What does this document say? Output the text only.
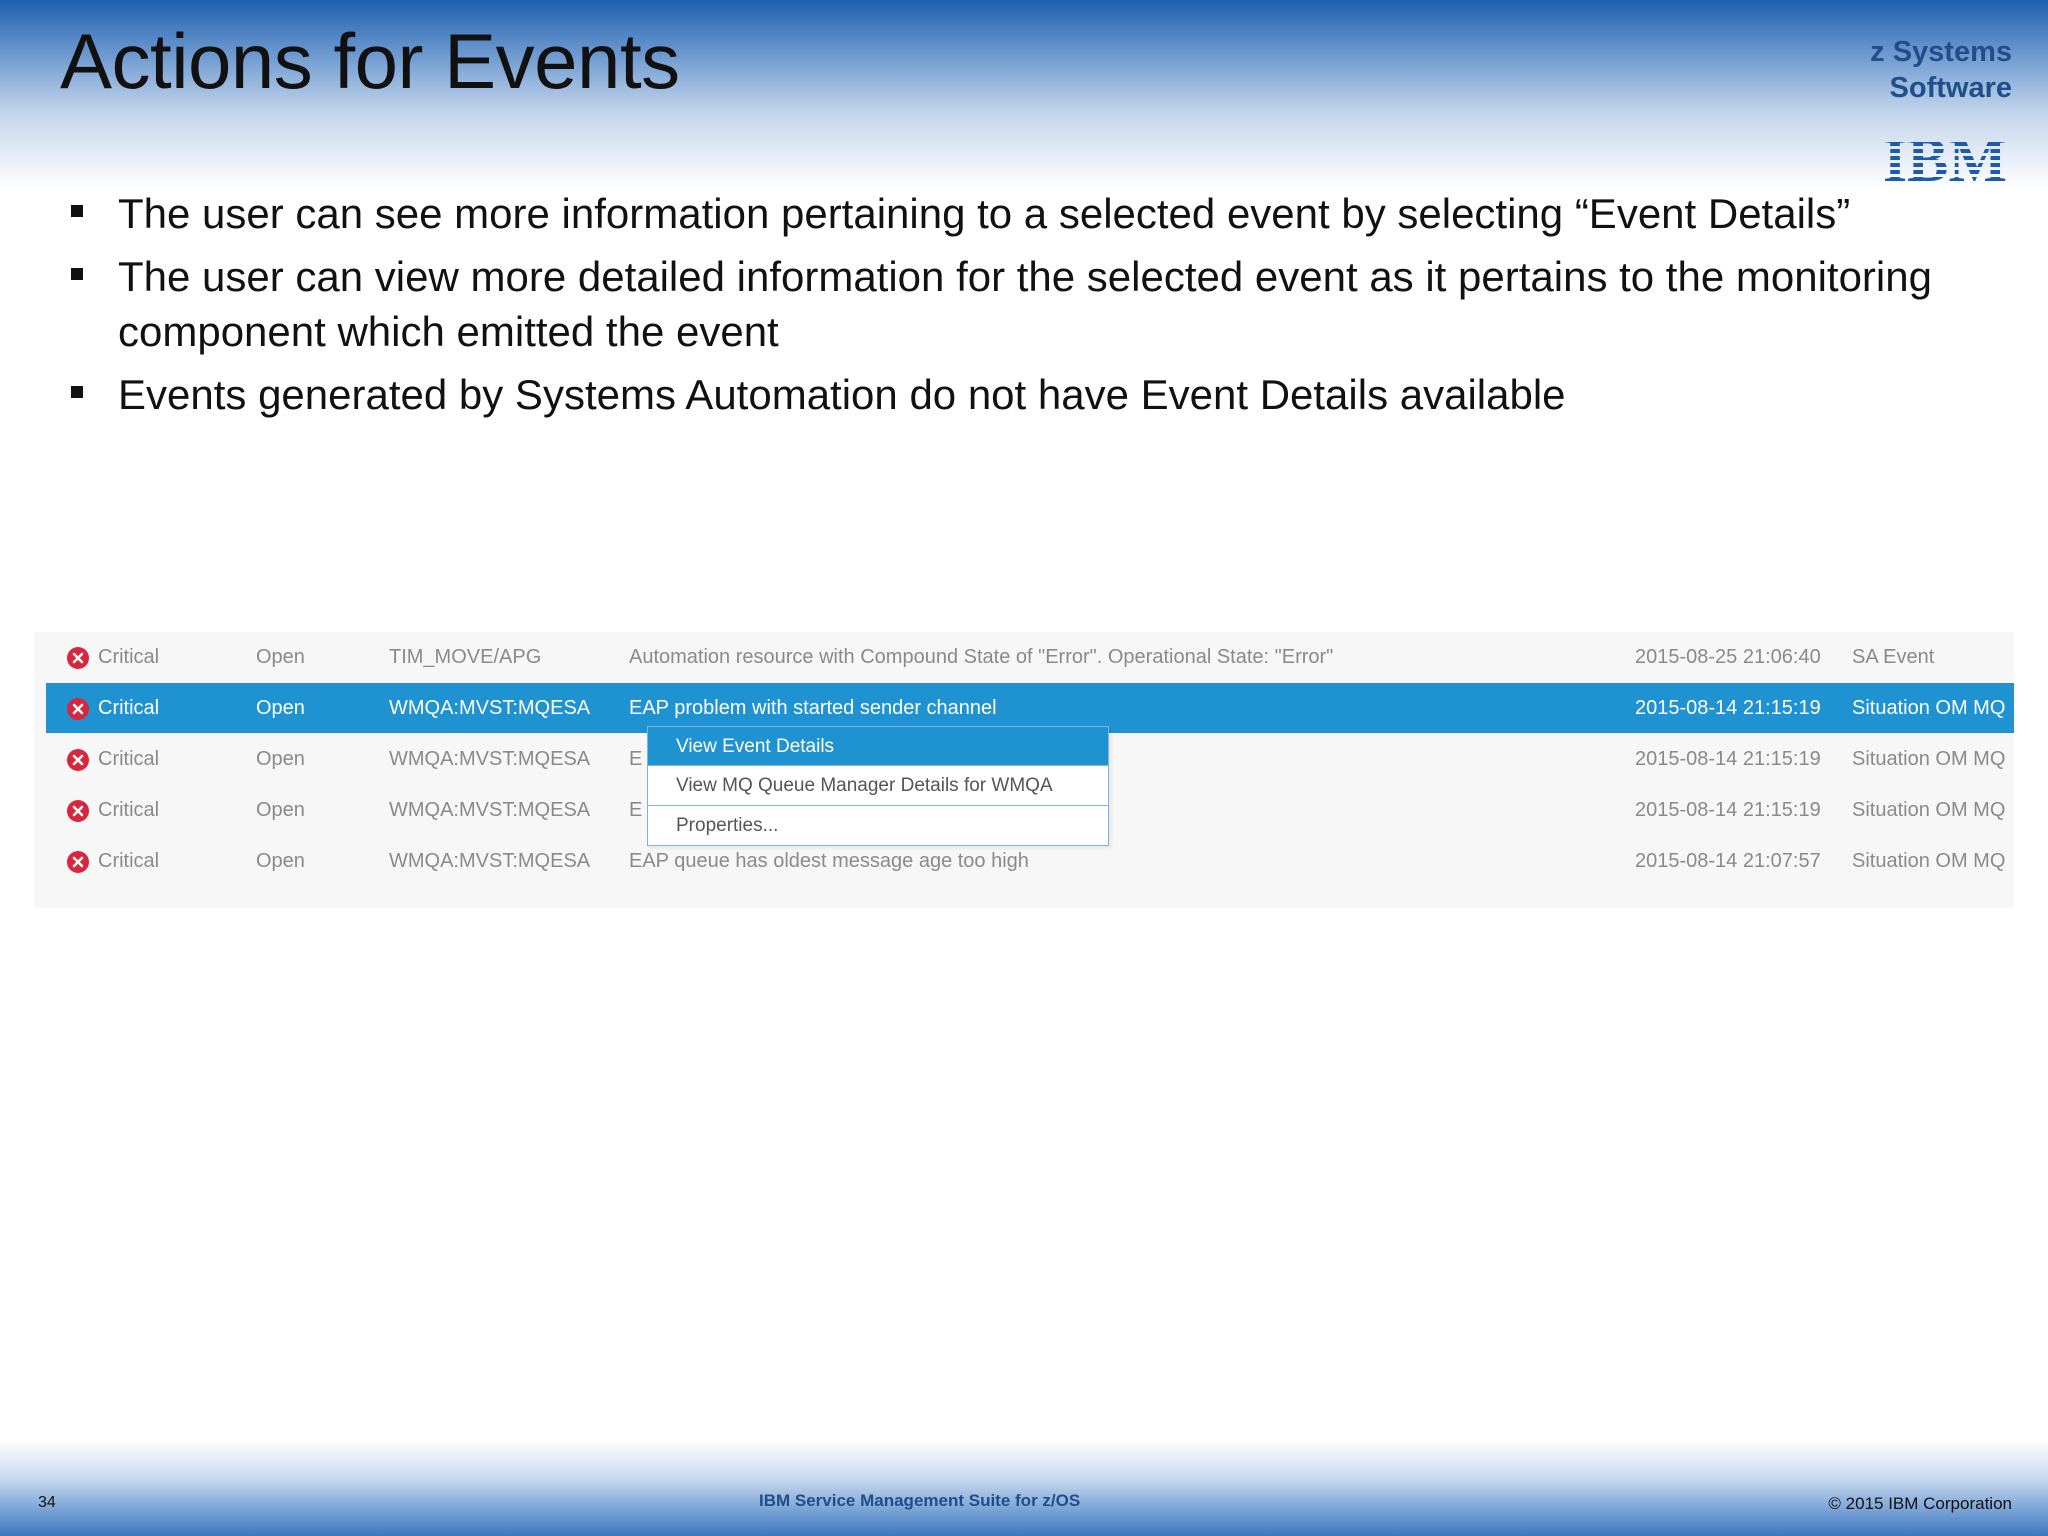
Actions for Events	z Systems
Software
IBM
The user can see more information pertaining to a selected event by selecting “Event Details”
The user can view more detailed information for the selected event as it pertains to the monitoring component which emitted the event
Events generated by Systems Automation do not have Event Details available
Critical	Open	TIM_MOVE/APG	Automation resource with Compound State of "Error". Operational State: "Error"	2015-08-25 21:06:40 SA Event
Critical	Open	WMQA:MVST:MQESA EAP problem with started sender channel	2015-08-14 21:15:19 Situation OM MQ
Critical	Open	WMQA:MVST:MQESA E	2015-08-14 21:15:19 Situation OM MQ
Critical	Open	WMQA:MVST:MQESA E	2015-08-14 21:15:19 Situation OM MQ
Critical	Open	WMQA:MVST:MQESA EAP queue has oldest message age too high	2015-08-14 21:07:57 Situation OM MQ
View Event Details
View MQ Queue Manager Details for WMQA
Properties...
34	IBM Service Management Suite for z/OS	© 2015 IBM Corporation
